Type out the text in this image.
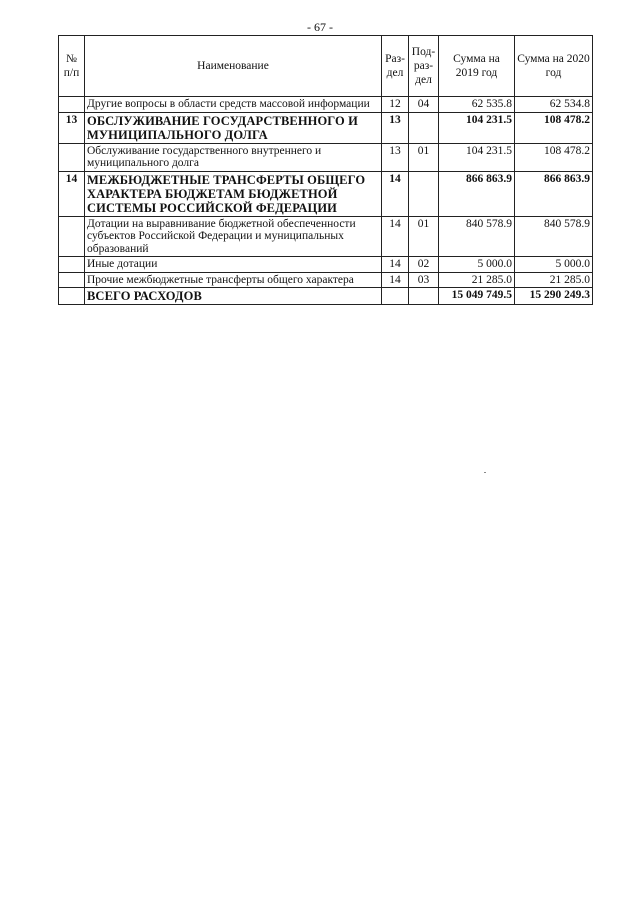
- 67 -
№ п/п	Наименование	Раз- дел	Под- раз- дел	Сумма на 2019 год	Сумма на 2020 год
	Другие вопросы в области средств массовой информации	12	04	62 535.8	62 534.8
13	ОБСЛУЖИВАНИЕ ГОСУДАРСТВЕННОГО И МУНИЦИПАЛЬНОГО ДОЛГА	13		104 231.5	108 478.2
	Обслуживание государственного внутреннего и муниципального долга	13	01	104 231.5	108 478.2
14	МЕЖБЮДЖЕТНЫЕ ТРАНСФЕРТЫ ОБЩЕГО ХАРАКТЕРА БЮДЖЕТАМ БЮДЖЕТНОЙ СИСТЕМЫ РОССИЙСКОЙ ФЕДЕРАЦИИ	14		866 863.9	866 863.9
	Дотации на выравнивание бюджетной обеспеченности субъектов Российской Федерации и муниципальных образований	14	01	840 578.9	840 578.9
	Иные дотации	14	02	5 000.0	5 000.0
	Прочие межбюджетные трансферты общего характера	14	03	21 285.0	21 285.0
	ВСЕГО РАСХОДОВ			15 049 749.5	15 290 249.3
